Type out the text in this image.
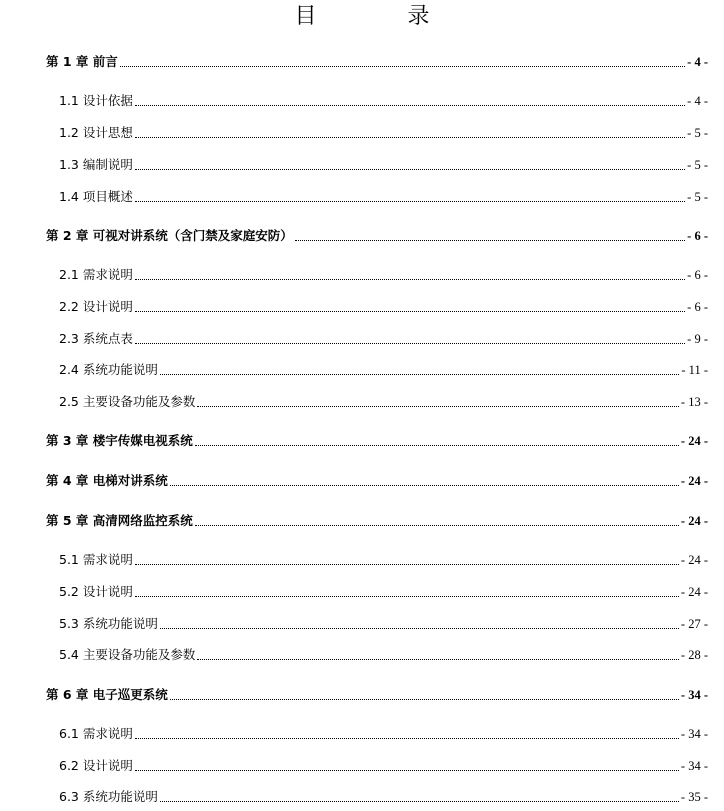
目 录
第 1 章 前言	- 4 -
1.1 设计依据	- 4 -
1.2 设计思想	- 5 -
1.3 编制说明	- 5 -
1.4 项目概述	- 5 -
第 2 章 可视对讲系统（含门禁及家庭安防）	- 6 -
2.1 需求说明	- 6 -
2.2 设计说明	- 6 -
2.3 系统点表	- 9 -
2.4 系统功能说明	- 11 -
2.5 主要设备功能及参数	- 13 -
第 3 章 楼宇传媒电视系统	- 24 -
第 4 章 电梯对讲系统	- 24 -
第 5 章 高清网络监控系统	- 24 -
5.1 需求说明	- 24 -
5.2 设计说明	- 24 -
5.3 系统功能说明	- 27 -
5.4 主要设备功能及参数	- 28 -
第 6 章 电子巡更系统	- 34 -
6.1 需求说明	- 34 -
6.2 设计说明	- 34 -
6.3 系统功能说明	- 35 -
